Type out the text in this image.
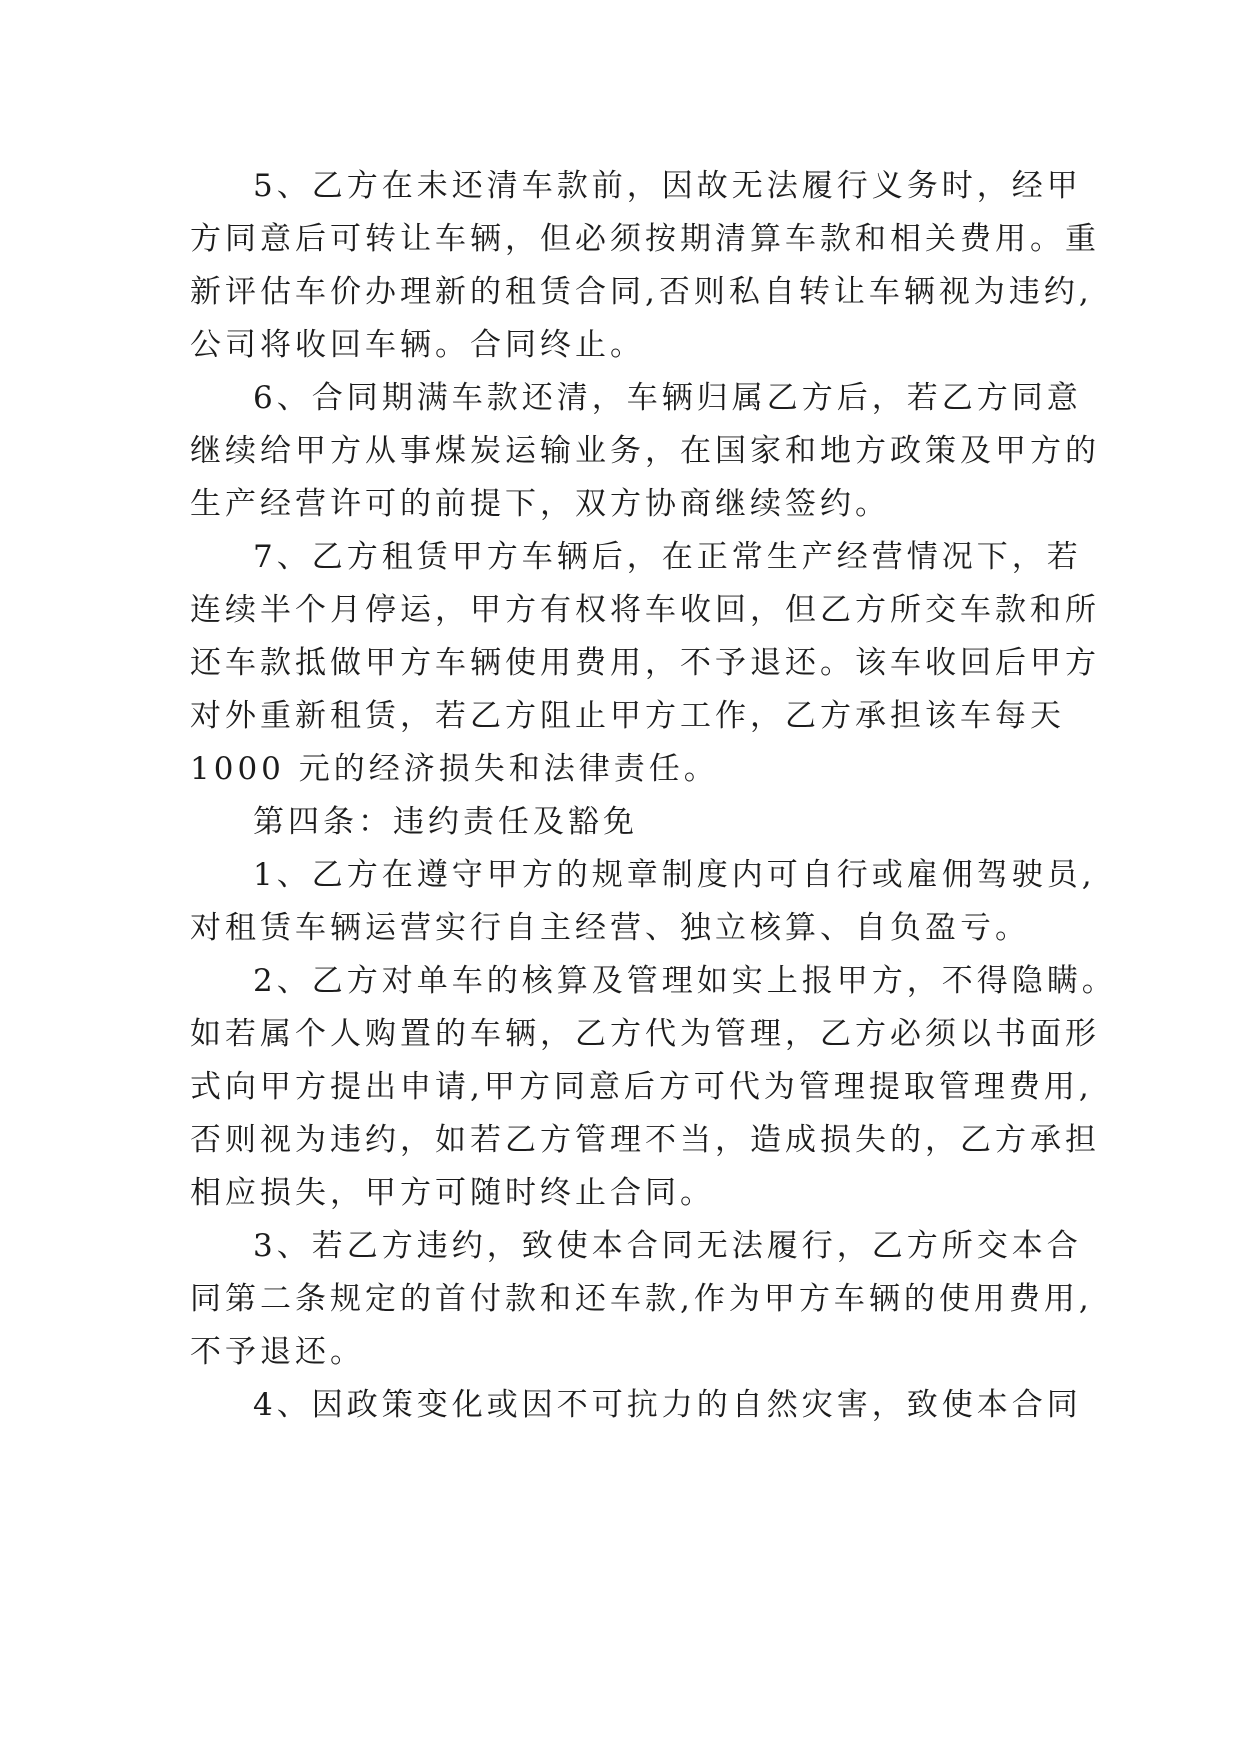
5、乙方在未还清车款前，因故无法履行义务时，经甲
方同意后可转让车辆，但必须按期清算车款和相关费用。重
新评估车价办理新的租赁合同,否则私自转让车辆视为违约,
公司将收回车辆。合同终止。
6、合同期满车款还清，车辆归属乙方后，若乙方同意
继续给甲方从事煤炭运输业务，在国家和地方政策及甲方的
生产经营许可的前提下，双方协商继续签约。
7、乙方租赁甲方车辆后，在正常生产经营情况下，若
连续半个月停运，甲方有权将车收回，但乙方所交车款和所
还车款抵做甲方车辆使用费用，不予退还。该车收回后甲方
对外重新租赁，若乙方阻止甲方工作，乙方承担该车每天
1000 元的经济损失和法律责任。
第四条：违约责任及豁免
1、乙方在遵守甲方的规章制度内可自行或雇佣驾驶员,
对租赁车辆运营实行自主经营、独立核算、自负盈亏。
2、乙方对单车的核算及管理如实上报甲方，不得隐瞒。
如若属个人购置的车辆，乙方代为管理，乙方必须以书面形
式向甲方提出申请,甲方同意后方可代为管理提取管理费用,
否则视为违约，如若乙方管理不当，造成损失的，乙方承担
相应损失，甲方可随时终止合同。
3、若乙方违约，致使本合同无法履行，乙方所交本合
同第二条规定的首付款和还车款,作为甲方车辆的使用费用,
不予退还。
4、因政策变化或因不可抗力的自然灾害，致使本合同
